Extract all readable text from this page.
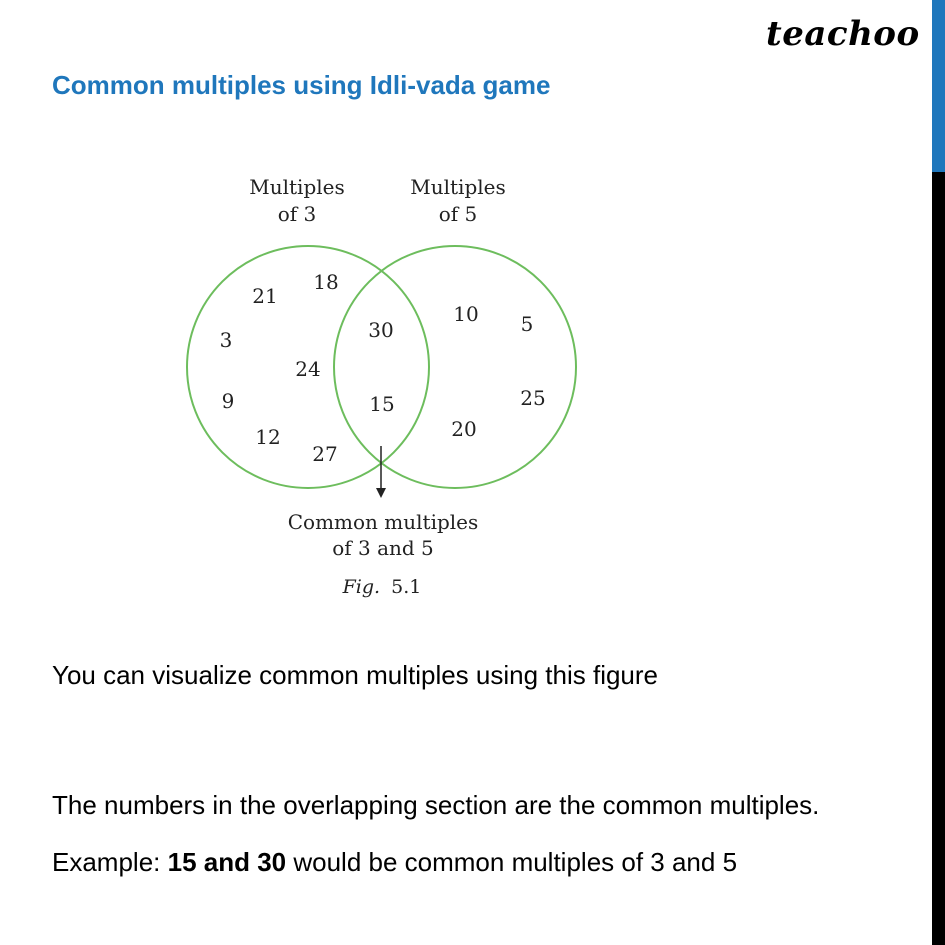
teachoo
Common multiples using Idli-vada game
Multiples
of 3
Multiples
of 5
21
18
3
24
9
12
27
30
15
10 5
25
20
Common multiples
of 3 and 5
Fig. 5.1
You can visualize common multiples using this figure
The numbers in the overlapping section are the common multiples.
Example: 15 and 30 would be common multiples of 3 and 5
